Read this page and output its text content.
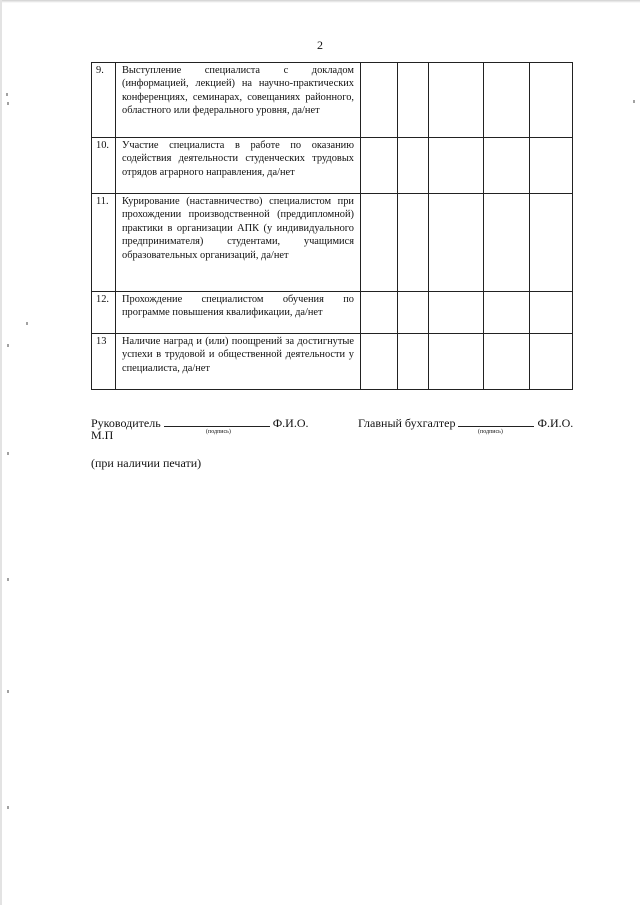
2
9.	Выступление специалиста с докладом (информацией, лекцией) на научно-практических конференциях, семинарах, совещаниях районного, областного или федерального уровня, да/нет					
10.	Участие специалиста в работе по оказанию содействия деятельности студенческих трудовых отрядов аграрного направления, да/нет					
11.	Курирование (наставничество) специалистом при прохождении производственной (преддипломной) практики в организации АПК (у индивидуального предпринимателя) студентами, учащимися образовательных организаций, да/нет					
12.	Прохождение специалистом обучения по программе повышения квалификации, да/нет					
13	Наличие наград и (или) поощрений за достигнутые успехи в трудовой и общественной деятельности у специалиста, да/нет					
Руководитель	Ф.И.О.
(подпись)
Главный бухгалтер	Ф.И.О.
(подпись)
М.П
(при наличии печати)
